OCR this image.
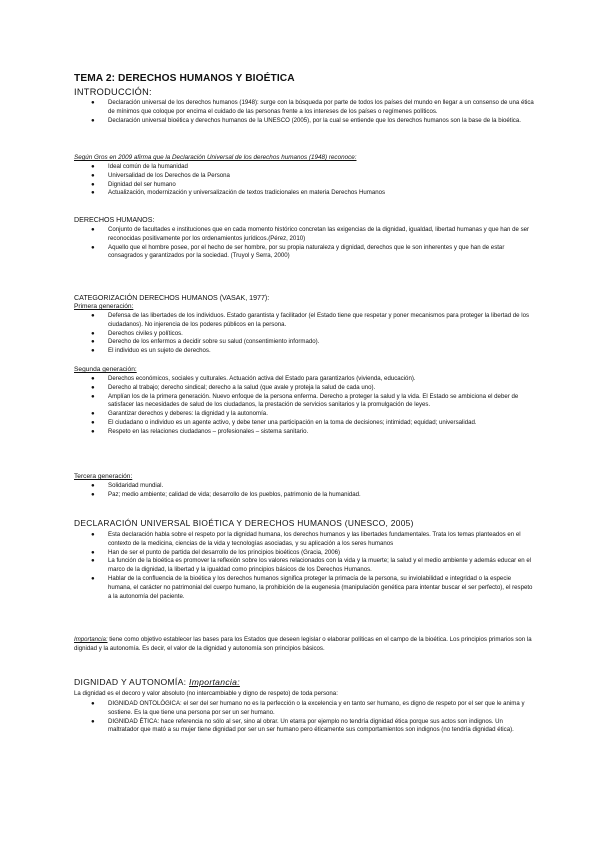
TEMA 2: DERECHOS HUMANOS Y BIOÉTICA
INTRODUCCIÓN:
● Declaración universal de los derechos humanos (1948): surge con la búsqueda por parte de todos los países del mundo en llegar a un consenso de una ética de mínimos que coloque por encima el cuidado de las personas frente a los intereses de los países o regímenes políticos.
● Declaración universal bioética y derechos humanos de la UNESCO (2005), por la cual se entiende que los derechos humanos son la base de la bioética.
Según Gros en 2009 afirma que la Declaración Universal de los derechos humanos (1948) reconoce:
● Ideal común de la humanidad
● Universalidad de los Derechos de la Persona
● Dignidad del ser humano
● Actualización, modernización y universalización de textos tradicionales en materia Derechos Humanos
DERECHOS HUMANOS:
● Conjunto de facultades e instituciones que en cada momento histórico concretan las exigencias de la dignidad, igualdad, libertad humanas y que han de ser reconocidas positivamente por los ordenamientos jurídicos.(Pérez, 2010)
● Aquello que el hombre posee, por el hecho de ser hombre, por su propia naturaleza y dignidad, derechos que le son inherentes y que han de estar consagrados y garantizados por la sociedad. (Truyol y Serra, 2000)
CATEGORIZACIÓN DERECHOS HUMANOS (VASAK, 1977):
Primera generación:
● Defensa de las libertades de los individuos. Estado garantista y facilitador (el Estado tiene que respetar y poner mecanismos para proteger la libertad de los ciudadanos). No injerencia de los poderes públicos en la persona.
● Derechos civiles y políticos.
● Derecho de los enfermos a decidir sobre su salud (consentimiento informado).
● El individuo es un sujeto de derechos.
Segunda generación:
● Derechos económicos, sociales y culturales. Actuación activa del Estado para garantizarlos (vivienda, educación).
● Derecho al trabajo; derecho sindical; derecho a la salud (que avale y proteja la salud de cada uno).
● Amplían los de la primera generación. Nuevo enfoque de la persona enferma. Derecho a proteger la salud y la vida. El Estado se ambiciona el deber de satisfacer las necesidades de salud de los ciudadanos, la prestación de servicios sanitarios y la promulgación de leyes.
● Garantizar derechos y deberes: la dignidad y la autonomía.
● El ciudadano o individuo es un agente activo, y debe tener una participación en la toma de decisiones; intimidad; equidad; universalidad.
● Respeto en las relaciones ciudadanos – profesionales – sistema sanitario.
Tercera generación:
● Solidaridad mundial.
● Paz; medio ambiente; calidad de vida; desarrollo de los pueblos, patrimonio de la humanidad.
DECLARACIÓN UNIVERSAL BIOÉTICA Y DERECHOS HUMANOS (UNESCO, 2005)
● Esta declaración habla sobre el respeto por la dignidad humana, los derechos humanos y las libertades fundamentales. Trata los temas planteados en el contexto de la medicina, ciencias de la vida y tecnologías asociadas, y su aplicación a los seres humanos
● Han de ser el punto de partida del desarrollo de los principios bioéticos (Gracia, 2006)
● La función de la bioética es promover la reflexión sobre los valores relacionados con la vida y la muerte; la salud y el medio ambiente y además educar en el marco de la dignidad, la libertad y la igualdad como principios básicos de los Derechos Humanos.
● Hablar de la confluencia de la bioética y los derechos humanos significa proteger la primacía de la persona, su inviolabilidad e integridad o la especie humana, el carácter no patrimonial del cuerpo humano, la prohibición de la eugenesia (manipulación genética para intentar buscar el ser perfecto), el respeto a la autonomía del paciente.
Importancia: tiene como objetivo establecer las bases para los Estados que deseen legislar o elaborar políticas en el campo de la bioética. Los principios primarios son la dignidad y la autonomía. Es decir, el valor de la dignidad y autonomía son principios básicos.
DIGNIDAD Y AUTONOMÍA: Importancia:
La dignidad es el decoro y valor absoluto (no intercambiable y digno de respeto) de toda persona:
● DIGNIDAD ONTOLÓGICA: el ser del ser humano no es la perfección o la excelencia y en tanto ser humano, es digno de respeto por el ser que le anima y sostiene. Es la que tiene una persona por ser un ser humano.
● DIGNIDAD ÉTICA: hace referencia no sólo al ser, sino al obrar. Un etarra por ejemplo no tendría dignidad ética porque sus actos son indignos. Un maltratador que mató a su mujer tiene dignidad por ser un ser humano pero éticamente sus comportamientos son indignos (no tendría dignidad ética).
